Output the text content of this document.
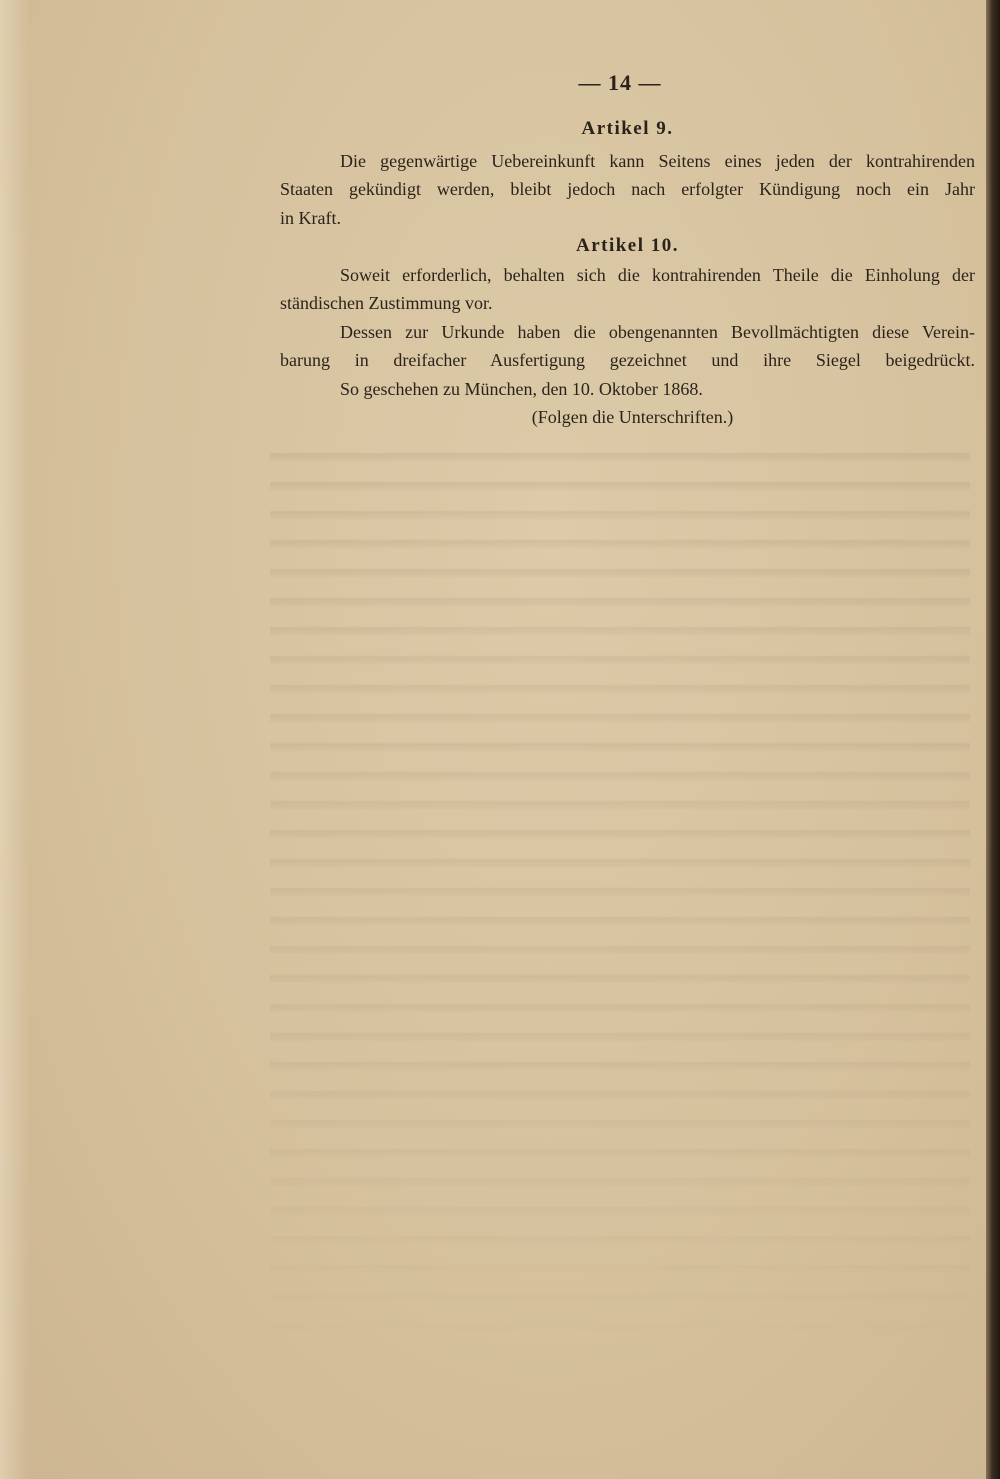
— 14 —
Artikel 9.
Die gegenwärtige Uebereinkunft kann Seitens eines jeden der kontrahirenden
Staaten gekündigt werden, bleibt jedoch nach erfolgter Kündigung noch ein Jahr
in Kraft.
Artikel 10.
Soweit erforderlich, behalten sich die kontrahirenden Theile die Einholung der
ständischen Zustimmung vor.
Dessen zur Urkunde haben die obengenannten Bevollmächtigten diese Verein-
barung in dreifacher Ausfertigung gezeichnet und ihre Siegel beigedrückt.
So geschehen zu München, den 10. Oktober 1868.
(Folgen die Unterschriften.)
